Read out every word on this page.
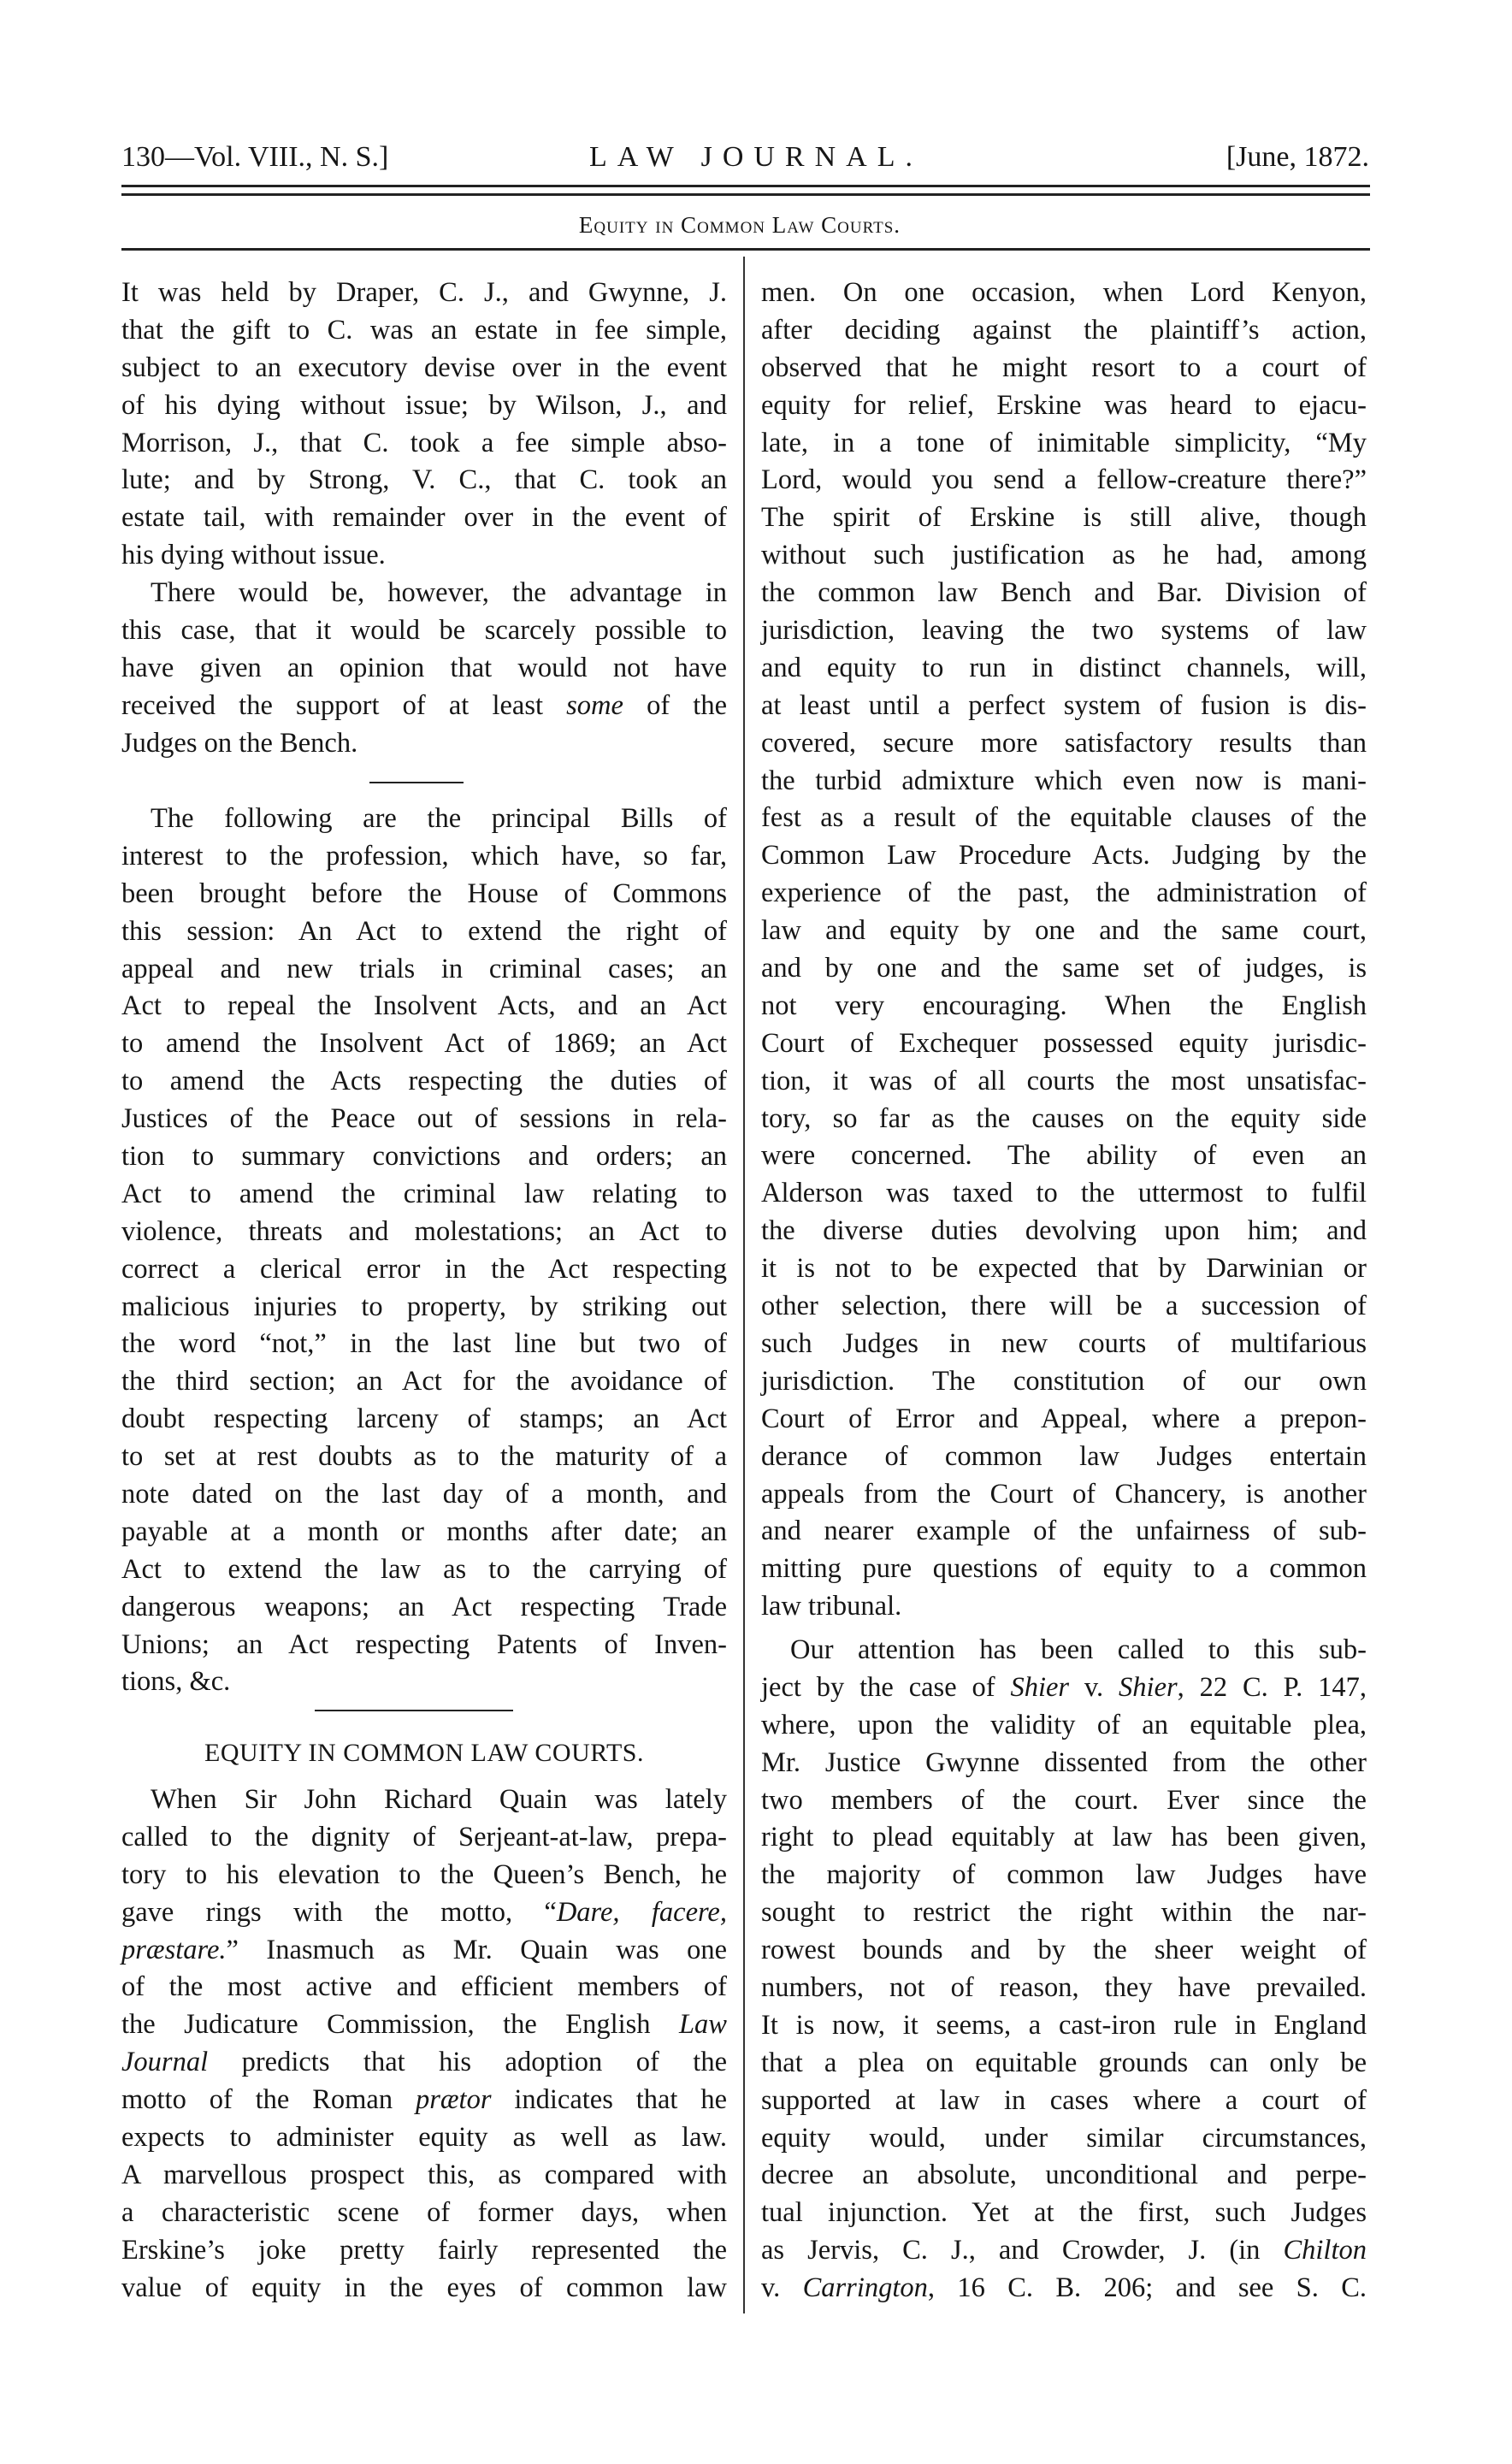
130—Vol. VIII., N. S.]	LAW JOURNAL.	[June, 1872.
Equity in Common Law Courts.
It was held by Draper, C. J., and Gwynne, J.
that the gift to C. was an estate in fee simple,
subject to an executory devise over in the event
of his dying without issue; by Wilson, J., and
Morrison, J., that C. took a fee simple abso-
lute; and by Strong, V. C., that C. took an
estate tail, with remainder over in the event of
his dying without issue.
There would be, however, the advantage in
this case, that it would be scarcely possible to
have given an opinion that would not have
received the support of at least some of the
Judges on the Bench.
The following are the principal Bills of
interest to the profession, which have, so far,
been brought before the House of Commons
this session: An Act to extend the right of
appeal and new trials in criminal cases; an
Act to repeal the Insolvent Acts, and an Act
to amend the Insolvent Act of 1869; an Act
to amend the Acts respecting the duties of
Justices of the Peace out of sessions in rela-
tion to summary convictions and orders; an
Act to amend the criminal law relating to
violence, threats and molestations; an Act to
correct a clerical error in the Act respecting
malicious injuries to property, by striking out
the word “not,” in the last line but two of
the third section; an Act for the avoidance of
doubt respecting larceny of stamps; an Act
to set at rest doubts as to the maturity of a
note dated on the last day of a month, and
payable at a month or months after date; an
Act to extend the law as to the carrying of
dangerous weapons; an Act respecting Trade
Unions; an Act respecting Patents of Inven-
tions, &c.
EQUITY IN COMMON LAW COURTS.
When Sir John Richard Quain was lately
called to the dignity of Serjeant-at-law, prepa-
tory to his elevation to the Queen’s Bench, he
gave rings with the motto, “Dare, facere,
præstare.” Inasmuch as Mr. Quain was one
of the most active and efficient members of
the Judicature Commission, the English Law
Journal predicts that his adoption of the
motto of the Roman prætor indicates that he
expects to administer equity as well as law.
A marvellous prospect this, as compared with
a characteristic scene of former days, when
Erskine’s joke pretty fairly represented the
value of equity in the eyes of common law
men. On one occasion, when Lord Kenyon,
after deciding against the plaintiff’s action,
observed that he might resort to a court of
equity for relief, Erskine was heard to ejacu-
late, in a tone of inimitable simplicity, “My
Lord, would you send a fellow-creature there?”
The spirit of Erskine is still alive, though
without such justification as he had, among
the common law Bench and Bar. Division of
jurisdiction, leaving the two systems of law
and equity to run in distinct channels, will,
at least until a perfect system of fusion is dis-
covered, secure more satisfactory results than
the turbid admixture which even now is mani-
fest as a result of the equitable clauses of the
Common Law Procedure Acts. Judging by the
experience of the past, the administration of
law and equity by one and the same court,
and by one and the same set of judges, is
not very encouraging. When the English
Court of Exchequer possessed equity jurisdic-
tion, it was of all courts the most unsatisfac-
tory, so far as the causes on the equity side
were concerned. The ability of even an
Alderson was taxed to the uttermost to fulfil
the diverse duties devolving upon him; and
it is not to be expected that by Darwinian or
other selection, there will be a succession of
such Judges in new courts of multifarious
jurisdiction. The constitution of our own
Court of Error and Appeal, where a prepon-
derance of common law Judges entertain
appeals from the Court of Chancery, is another
and nearer example of the unfairness of sub-
mitting pure questions of equity to a common
law tribunal.
Our attention has been called to this sub-
ject by the case of Shier v. Shier, 22 C. P. 147,
where, upon the validity of an equitable plea,
Mr. Justice Gwynne dissented from the other
two members of the court. Ever since the
right to plead equitably at law has been given,
the majority of common law Judges have
sought to restrict the right within the nar-
rowest bounds and by the sheer weight of
numbers, not of reason, they have prevailed.
It is now, it seems, a cast-iron rule in England
that a plea on equitable grounds can only be
supported at law in cases where a court of
equity would, under similar circumstances,
decree an absolute, unconditional and perpe-
tual injunction. Yet at the first, such Judges
as Jervis, C. J., and Crowder, J. (in Chilton
v. Carrington, 16 C. B. 206; and see S. C.
